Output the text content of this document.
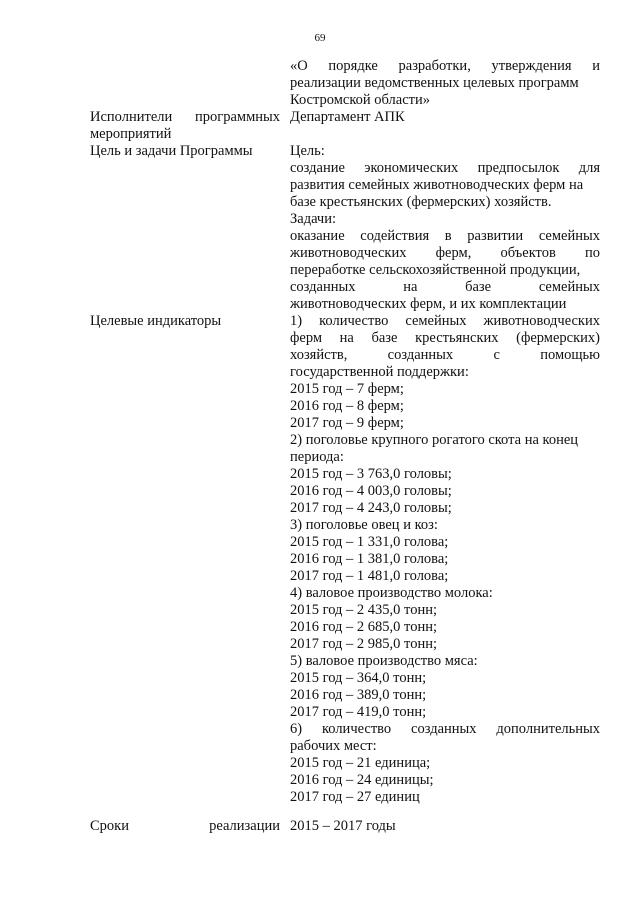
69
«О порядке разработки, утверждения и
реализации ведомственных целевых программ
Костромской области»
Исполнители программных
мероприятий
Департамент АПК
Цель и задачи Программы	Цель:
создание экономических предпосылок для
развития семейных животноводческих ферм на
базе крестьянских (фермерских) хозяйств.
Задачи:
оказание содействия в развитии семейных
животноводческих ферм, объектов по
переработке сельскохозяйственной продукции,
созданных на базе семейных
животноводческих ферм, и их комплектации
Целевые индикаторы	1) количество семейных животноводческих
ферм на базе крестьянских (фермерских)
хозяйств, созданных с помощью
государственной поддержки:
2015 год – 7 ферм;
2016 год – 8 ферм;
2017 год – 9 ферм;
2) поголовье крупного рогатого скота на конец
периода:
2015 год – 3 763,0 головы;
2016 год – 4 003,0 головы;
2017 год – 4 243,0 головы;
3) поголовье овец и коз:
2015 год – 1 331,0 голова;
2016 год – 1 381,0 голова;
2017 год – 1 481,0 голова;
4) валовое производство молока:
2015 год – 2 435,0 тонн;
2016 год – 2 685,0 тонн;
2017 год – 2 985,0 тонн;
5) валовое производство мяса:
2015 год – 364,0 тонн;
2016 год – 389,0 тонн;
2017 год – 419,0 тонн;
6) количество созданных дополнительных
рабочих мест:
2015 год – 21 единица;
2016 год – 24 единицы;
2017 год – 27 единиц
Сроки реализации 2015 – 2017 годы
